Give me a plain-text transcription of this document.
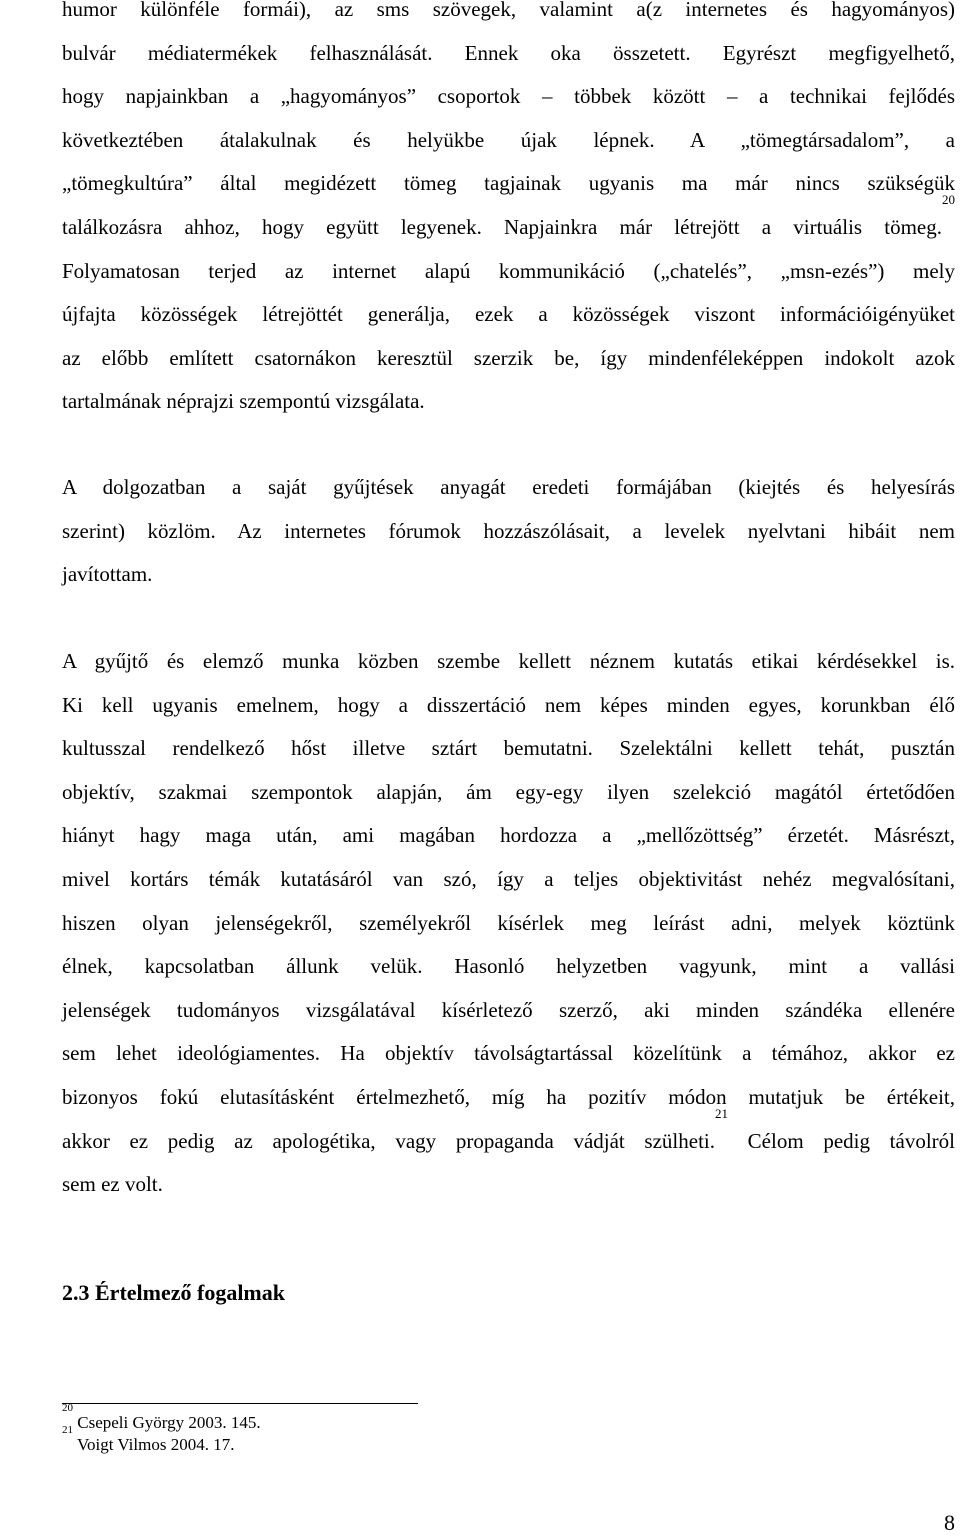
humor különféle formái), az sms szövegek, valamint a(z internetes és hagyományos)
bulvár médiatermékek felhasználását. Ennek oka összetett. Egyrészt megfigyelhető,
hogy napjainkban a „hagyományos” csoportok – többek között – a technikai fejlődés
következtében átalakulnak és helyükbe újak lépnek. A „tömegtársadalom”, a
„tömegkultúra” által megidézett tömeg tagjainak ugyanis ma már nincs szükségük
találkozásra ahhoz, hogy együtt legyenek. Napjainkra már létrejött a virtuális tömeg.$^{20}$
Folyamatosan terjed az internet alapú kommunikáció („chatelés”, „msn-ezés”) mely
újfajta közösségek létrejöttét generálja, ezek a közösségek viszont információigényüket
az előbb említett csatornákon keresztül szerzik be, így mindenféleképpen indokolt azok
tartalmának néprajzi szempontú vizsgálata.
A dolgozatban a saját gyűjtések anyagát eredeti formájában (kiejtés és helyesírás
szerint) közlöm. Az internetes fórumok hozzászólásait, a levelek nyelvtani hibáit nem
javítottam.
A gyűjtő és elemző munka közben szembe kellett néznem kutatás etikai kérdésekkel is.
Ki kell ugyanis emelnem, hogy a disszertáció nem képes minden egyes, korunkban élő
kultusszal rendelkező hőst illetve sztárt bemutatni. Szelektálni kellett tehát, pusztán
objektív, szakmai szempontok alapján, ám egy-egy ilyen szelekció magától értetődően
hiányt hagy maga után, ami magában hordozza a „mellőzöttség” érzetét. Másrészt,
mivel kortárs témák kutatásáról van szó, így a teljes objektivitást nehéz megvalósítani,
hiszen olyan jelenségekről, személyekről kísérlek meg leírást adni, melyek köztünk
élnek, kapcsolatban állunk velük. Hasonló helyzetben vagyunk, mint a vallási
jelenségek tudományos vizsgálatával kísérletező szerző, aki minden szándéka ellenére
sem lehet ideológiamentes. Ha objektív távolságtartással közelítünk a témához, akkor ez
bizonyos fokú elutasításként értelmezhető, míg ha pozitív módon mutatjuk be értékeit,
akkor ez pedig az apologétika, vagy propaganda vádját szülheti.$^{21}$ Célom pedig távolról
sem ez volt.
2.3 Értelmező fogalmak
$^{20}$ Csepeli György 2003. 145.
$^{21}$ Voigt Vilmos 2004. 17.
8
